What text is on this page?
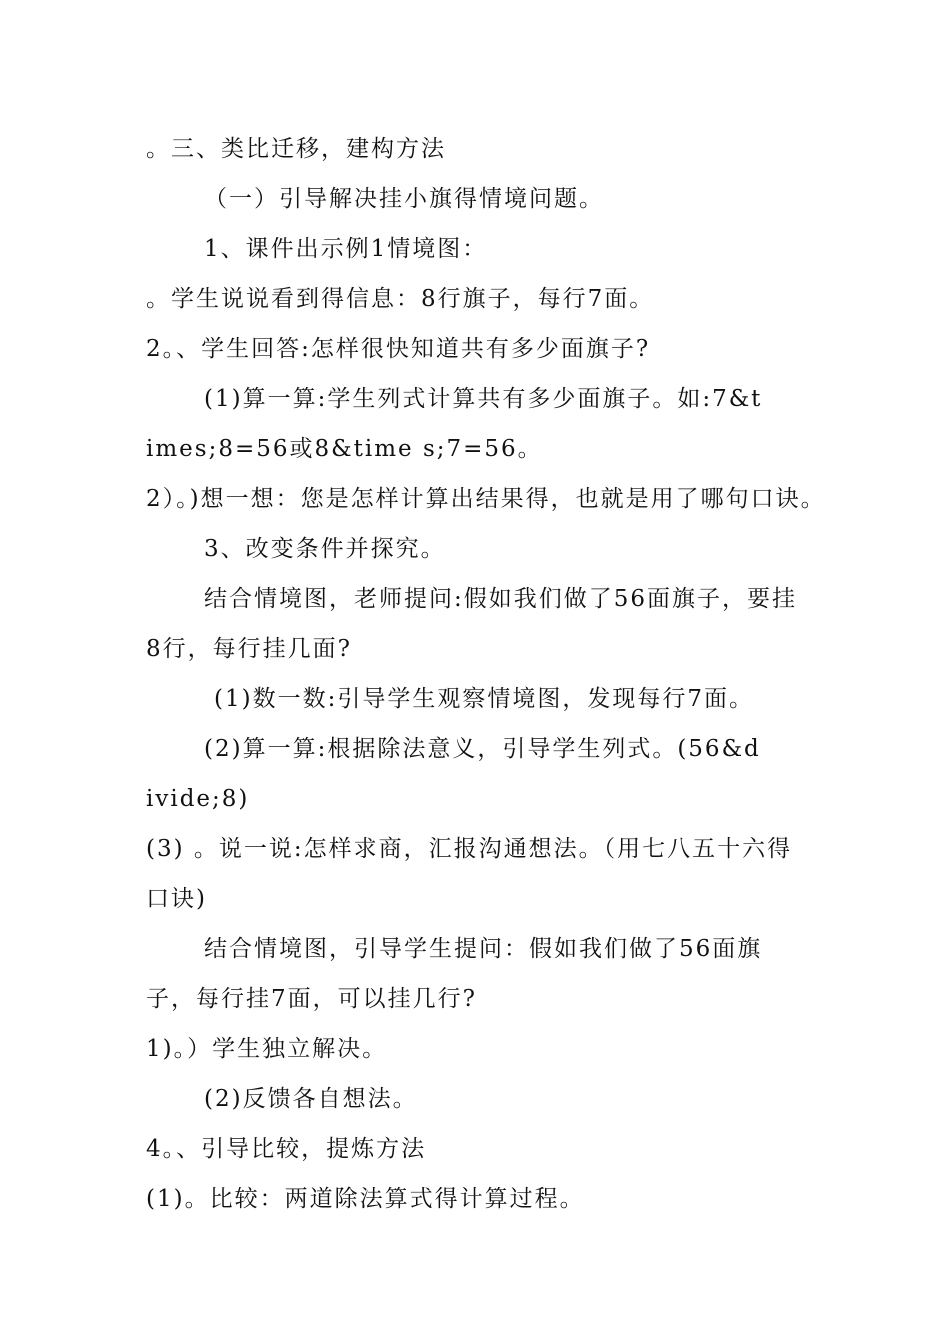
。三、类比迁移，建构方法
（一）引导解决挂小旗得情境问题。
1、课件出示例1情境图：
。学生说说看到得信息：8行旗子，每行7面。
2。、学生回答:怎样很快知道共有多少面旗子?
(1)算一算:学生列式计算共有多少面旗子。如:7&t
imes;8=56或8&time s;7=56。
2）。)想一想：您是怎样计算出结果得，也就是用了哪句口诀。
3、改变条件并探究。
结合情境图，老师提问:假如我们做了56面旗子，要挂
8行，每行挂几面?
(1)数一数:引导学生观察情境图，发现每行7面。
(2)算一算:根据除法意义，引导学生列式。(56&d
ivide;8)
(3) 。说一说:怎样求商，汇报沟通想法。（用七八五十六得
口诀)
结合情境图，引导学生提问：假如我们做了56面旗
子，每行挂7面，可以挂几行?
1)。）学生独立解决。
(2)反馈各自想法。
4。、引导比较，提炼方法
(1)。比较：两道除法算式得计算过程。
